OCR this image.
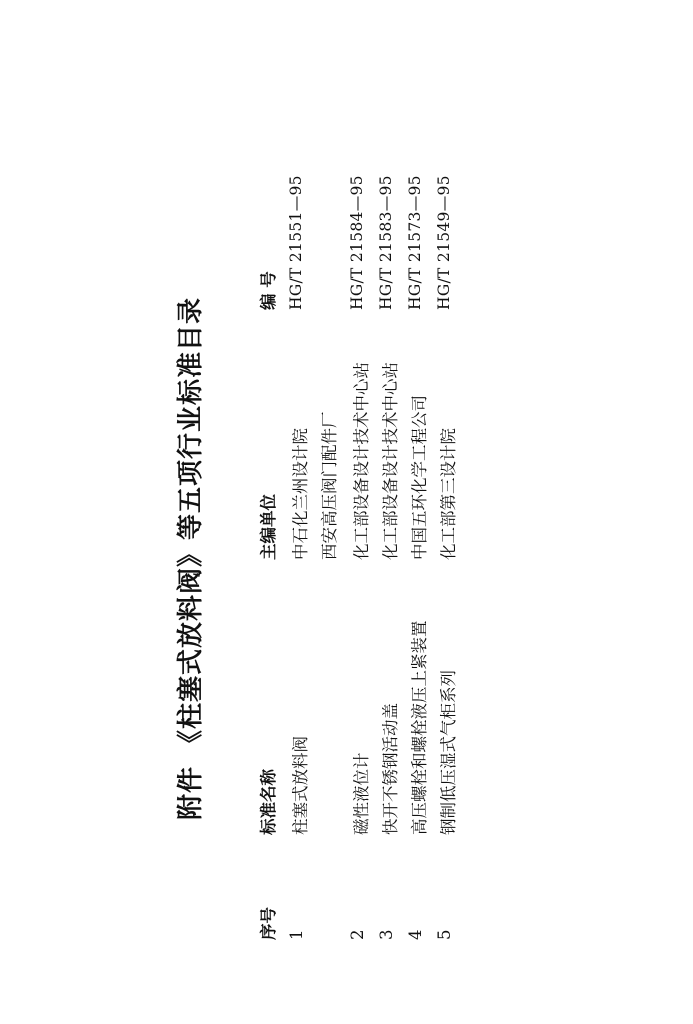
附件 《柱塞式放料阀》等五项行业标准目录
序号
标准名称
主编单位
编 号
1
柱塞式放料阀
中石化兰州设计院 西安高压阀门配件厂
HG/T 21551—95
2
磁性液位计
化工部设备设计技术中心站
HG/T 21584—95
3
快开不锈钢活动盖
化工部设备设计技术中心站
HG/T 21583—95
4
高压螺栓和螺栓液压上紧装置
中国五环化学工程公司
HG/T 21573—95
5
钢制低压湿式气柜系列
化工部第三设计院
HG/T 21549—95
